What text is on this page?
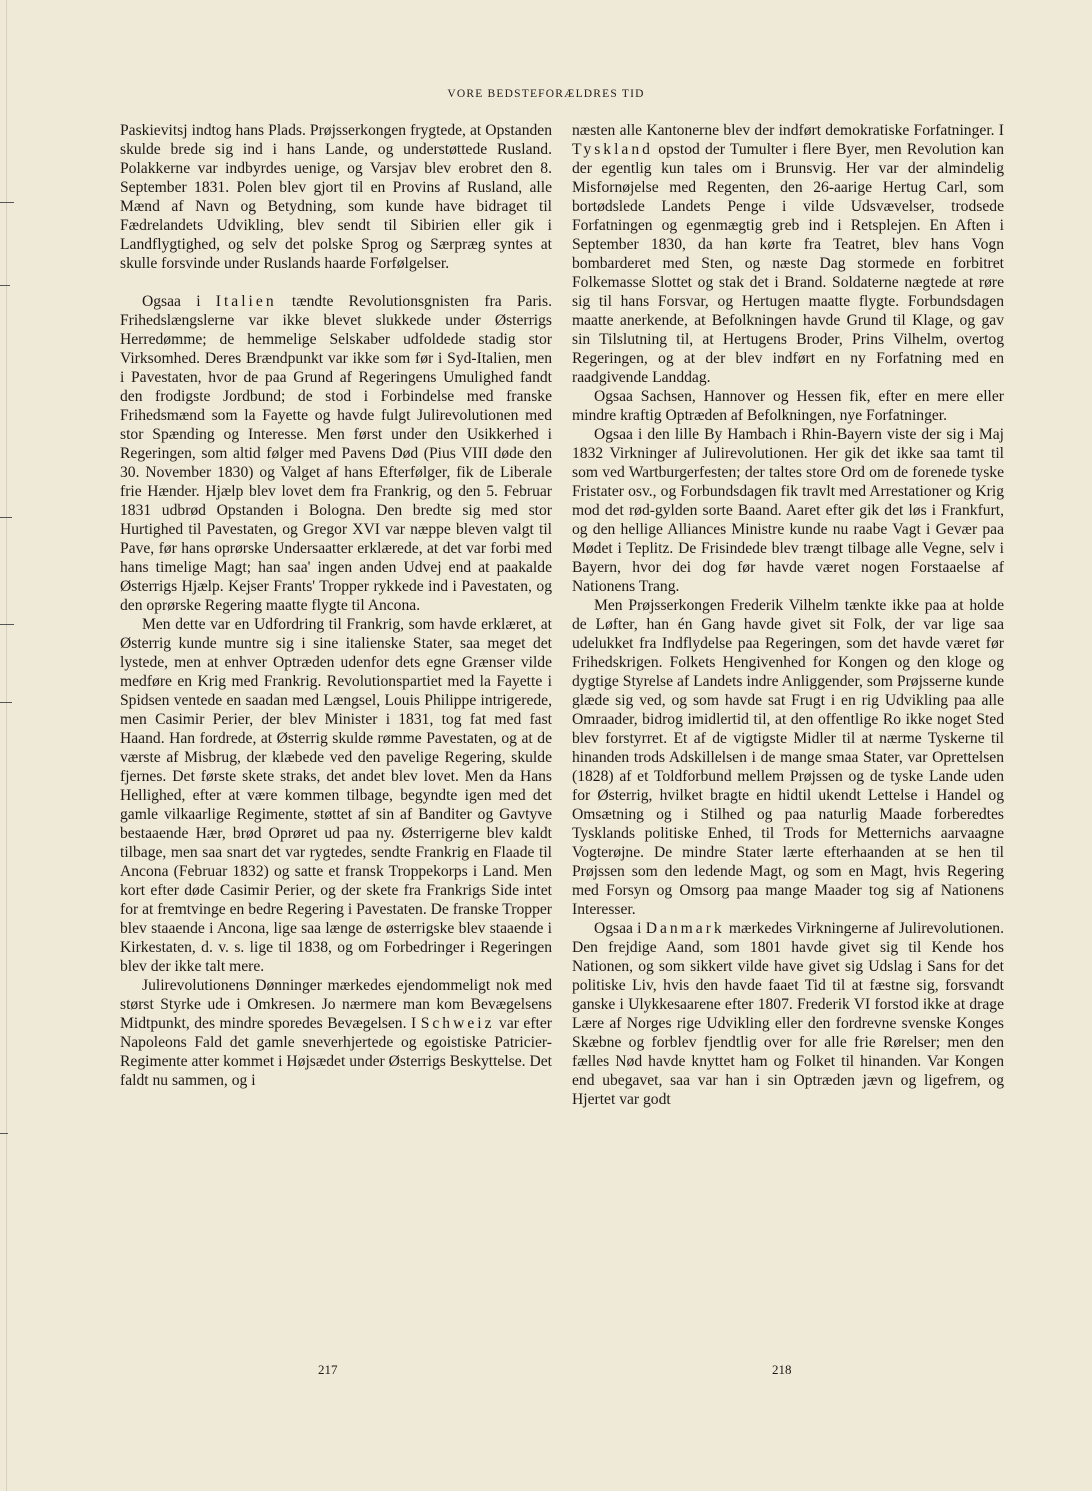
VORE BEDSTEFORÆLDRES TID

Paskievitsj indtog hans Plads. Prøjsserkongen frygtede, at Opstanden skulde brede sig ind i hans Lande, og understøttede Rusland. Polakkerne var indbyrdes uenige, og Varsjav blev erobret den 8. September 1831. Polen blev gjort til en Provins af Rusland, alle Mænd af Navn og Betydning, som kunde have bidraget til Fædrelandets Udvikling, blev sendt til Sibirien eller gik i Landflygtighed, og selv det polske Sprog og Særpræg syntes at skulle forsvinde under Ruslands haarde Forfølgelser.

Ogsaa i Italien tændte Revolutionsgnisten fra Paris. Frihedslængslerne var ikke blevet slukkede under Østerrigs Herredømme; de hemmelige Selskaber udfoldede stadig stor Virksomhed. Deres Brændpunkt var ikke som før i Syd-Italien, men i Pavestaten, hvor de paa Grund af Regeringens Umulighed fandt den frodigste Jordbund; de stod i Forbindelse med franske Frihedsmænd som la Fayette og havde fulgt Julirevolutionen med stor Spænding og Interesse. Men først under den Usikkerhed i Regeringen, som altid følger med Pavens Død (Pius VIII døde den 30. November 1830) og Valget af hans Efterfølger, fik de Liberale frie Hænder. Hjælp blev lovet dem fra Frankrig, og den 5. Februar 1831 udbrød Opstanden i Bologna. Den bredte sig med stor Hurtighed til Pavestaten, og Gregor XVI var næppe bleven valgt til Pave, før hans oprørske Undersaatter erklærede, at det var forbi med hans timelige Magt; han saa' ingen anden Udvej end at paakalde Østerrigs Hjælp. Kejser Frants' Tropper rykkede ind i Pavestaten, og den oprørske Regering maatte flygte til Ancona.

Men dette var en Udfordring til Frankrig, som havde erklæret, at Østerrig kunde muntre sig i sine italienske Stater, saa meget det lystede, men at enhver Optræden udenfor dets egne Grænser vilde medføre en Krig med Frankrig. Revolutionspartiet med la Fayette i Spidsen ventede en saadan med Længsel, Louis Philippe intrigerede, men Casimir Perier, der blev Minister i 1831, tog fat med fast Haand. Han fordrede, at Østerrig skulde rømme Pavestaten, og at de værste af Misbrug, der klæbede ved den pavelige Regering, skulde fjernes. Det første skete straks, det andet blev lovet. Men da Hans Hellighed, efter at være kommen tilbage, begyndte igen med det gamle vilkaarlige Regimente, støttet af sin af Banditer og Gavtyve bestaaende Hær, brød Oprøret ud paa ny. Østerrigerne blev kaldt tilbage, men saa snart det var rygtedes, sendte Frankrig en Flaade til Ancona (Februar 1832) og satte et fransk Troppekorps i Land. Men kort efter døde Casimir Perier, og der skete fra Frankrigs Side intet for at fremtvinge en bedre Regering i Pavestaten. De franske Tropper blev staaende i Ancona, lige saa længe de østerrigske blev staaende i Kirkestaten, d. v. s. lige til 1838, og om Forbedringer i Regeringen blev der ikke talt mere.

Julirevolutionens Dønninger mærkedes ejendommeligt nok med størst Styrke ude i Omkresen. Jo nærmere man kom Bevægelsens Midtpunkt, des mindre sporedes Bevægelsen. I Schweiz var efter Napoleons Fald det gamle sneverhjertede og egoistiske Patricier-Regimente atter kommet i Højsædet under Østerrigs Beskyttelse. Det faldt nu sammen, og i

næsten alle Kantonerne blev der indført demokratiske Forfatninger. I Tyskland opstod der Tumulter i flere Byer, men Revolution kan der egentlig kun tales om i Brunsvig. Her var der almindelig Misfornøjelse med Regenten, den 26-aarige Hertug Carl, som bortødslede Landets Penge i vilde Udsvævelser, trodsede Forfatningen og egenmægtig greb ind i Retsplejen. En Aften i September 1830, da han kørte fra Teatret, blev hans Vogn bombarderet med Sten, og næste Dag stormede en forbitret Folkemasse Slottet og stak det i Brand. Soldaterne nægtede at røre sig til hans Forsvar, og Hertugen maatte flygte. Forbundsdagen maatte anerkende, at Befolkningen havde Grund til Klage, og gav sin Tilslutning til, at Hertugens Broder, Prins Vilhelm, overtog Regeringen, og at der blev indført en ny Forfatning med en raadgivende Landdag.

Ogsaa Sachsen, Hannover og Hessen fik, efter en mere eller mindre kraftig Optræden af Befolkningen, nye Forfatninger.

Ogsaa i den lille By Hambach i Rhin-Bayern viste der sig i Maj 1832 Virkninger af Julirevolutionen. Her gik det ikke saa tamt til som ved Wartburgerfesten; der taltes store Ord om de forenede tyske Fristater osv., og Forbundsdagen fik travlt med Arrestationer og Krig mod det rød-gylden sorte Baand. Aaret efter gik det løs i Frankfurt, og den hellige Alliances Ministre kunde nu raabe Vagt i Gevær paa Mødet i Teplitz. De Frisindede blev trængt tilbage alle Vegne, selv i Bayern, hvor dei dog før havde været nogen Forstaaelse af Nationens Trang.

Men Prøjsserkongen Frederik Vilhelm tænkte ikke paa at holde de Løfter, han én Gang havde givet sit Folk, der var lige saa udelukket fra Indflydelse paa Regeringen, som det havde været før Frihedskrigen. Folkets Hengivenhed for Kongen og den kloge og dygtige Styrelse af Landets indre Anliggender, som Prøjsserne kunde glæde sig ved, og som havde sat Frugt i en rig Udvikling paa alle Omraader, bidrog imidlertid til, at den offentlige Ro ikke noget Sted blev forstyrret. Et af de vigtigste Midler til at nærme Tyskerne til hinanden trods Adskillelsen i de mange smaa Stater, var Oprettelsen (1828) af et Toldforbund mellem Prøjssen og de tyske Lande uden for Østerrig, hvilket bragte en hidtil ukendt Lettelse i Handel og Omsætning og i Stilhed og paa naturlig Maade forberedtes Tysklands politiske Enhed, til Trods for Metternichs aarvaagne Vogterøjne. De mindre Stater lærte efterhaanden at se hen til Prøjssen som den ledende Magt, og som en Magt, hvis Regering med Forsyn og Omsorg paa mange Maader tog sig af Nationens Interesser.

Ogsaa i Danmark mærkedes Virkningerne af Julirevolutionen. Den frejdige Aand, som 1801 havde givet sig til Kende hos Nationen, og som sikkert vilde have givet sig Udslag i Sans for det politiske Liv, hvis den havde faaet Tid til at fæstne sig, forsvandt ganske i Ulykkesaarene efter 1807. Frederik VI forstod ikke at drage Lære af Norges rige Udvikling eller den fordrevne svenske Konges Skæbne og forblev fjendtlig over for alle frie Rørelser; men den fælles Nød havde knyttet ham og Folket til hinanden. Var Kongen end ubegavet, saa var han i sin Optræden jævn og ligefrem, og Hjertet var godt

217	218
